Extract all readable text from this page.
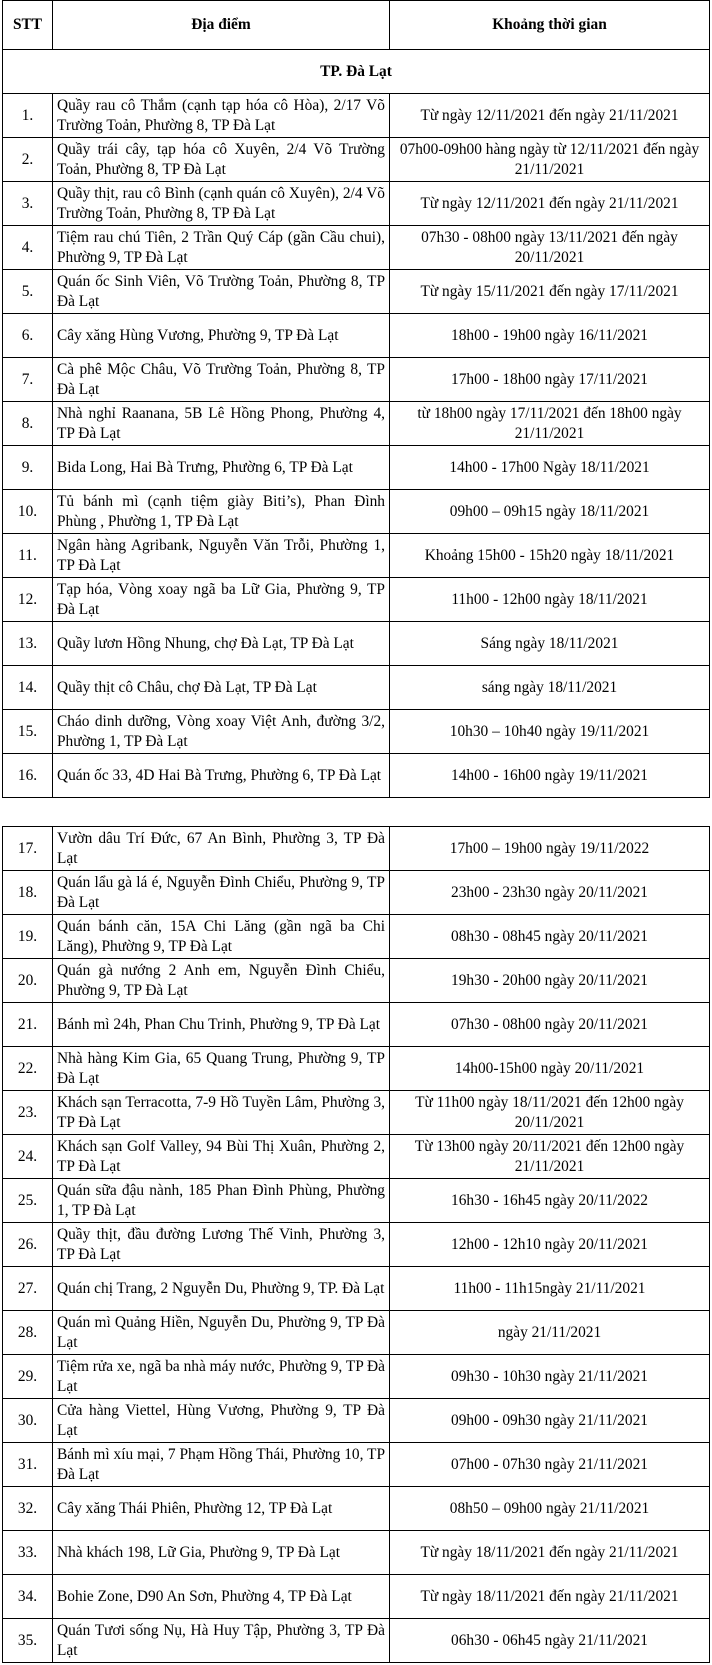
STT	Địa điểm	Khoảng thời gian
TP. Đà Lạt		
1.	Quầy rau cô Thắm (cạnh tạp hóa cô Hòa), 2/17 Võ Trường Toản, Phường 8, TP Đà Lạt	Từ ngày 12/11/2021 đến ngày 21/11/2021

2.	Quầy trái cây, tạp hóa cô Xuyên, 2/4 Võ Trường Toản, Phường 8, TP Đà Lạt	07h00-09h00 hàng ngày từ 12/11/2021 đến ngày 21/11/2021

3.	Quầy thịt, rau cô Bình (cạnh quán cô Xuyên), 2/4 Võ Trường Toản, Phường 8, TP Đà Lạt	Từ ngày 12/11/2021 đến ngày 21/11/2021

4.	Tiệm rau chú Tiên, 2 Trần Quý Cáp (gần Cầu chui), Phường 9, TP Đà Lạt	07h30 - 08h00 ngày 13/11/2021 đến ngày 20/11/2021

5.	Quán ốc Sinh Viên, Võ Trường Toản, Phường 8, TP Đà Lạt	Từ ngày 15/11/2021 đến ngày 17/11/2021

6.	Cây xăng Hùng Vương, Phường 9, TP Đà Lạt	18h00 - 19h00 ngày 16/11/2021

7.	Cà phê Mộc Châu, Võ Trường Toản, Phường 8, TP Đà Lạt	17h00 - 18h00 ngày 17/11/2021

8.	Nhà nghỉ Raanana, 5B Lê Hồng Phong, Phường 4, TP Đà Lạt	từ 18h00 ngày 17/11/2021 đến 18h00 ngày 21/11/2021

9.	Bida Long, Hai Bà Trưng, Phường 6, TP Đà Lạt	14h00 - 17h00 Ngày 18/11/2021

10.	Tủ bánh mì (cạnh tiệm giày Biti’s), Phan Đình Phùng , Phường 1, TP Đà Lạt	09h00 – 09h15 ngày 18/11/2021

11.	Ngân hàng Agribank, Nguyễn Văn Trỗi, Phường 1, TP Đà Lạt	Khoảng 15h00 - 15h20 ngày 18/11/2021

12.	Tạp hóa, Vòng xoay ngã ba Lữ Gia, Phường 9, TP Đà Lạt	11h00 - 12h00 ngày 18/11/2021

13.	Quầy lươn Hồng Nhung, chợ Đà Lạt, TP Đà Lạt	Sáng ngày 18/11/2021

14.	Quầy thịt cô Châu, chợ Đà Lạt, TP Đà Lạt	sáng ngày 18/11/2021

15.	Cháo dinh dưỡng, Vòng xoay Việt Anh, đường 3/2, Phường 1, TP Đà Lạt	10h30 – 10h40 ngày 19/11/2021

16.	Quán ốc 33, 4D Hai Bà Trưng, Phường 6, TP Đà Lạt	14h00 - 16h00 ngày 19/11/2021
17.	Vườn dâu Trí Đức, 67 An Bình, Phường 3, TP Đà Lạt	17h00 – 19h00 ngày 19/11/2022

18.	Quán lẩu gà lá é, Nguyễn Đình Chiểu, Phường 9, TP Đà Lạt	23h00 - 23h30 ngày 20/11/2021

19.	Quán bánh căn, 15A Chi Lăng (gần ngã ba Chi Lăng), Phường 9, TP Đà Lạt	08h30 - 08h45 ngày 20/11/2021

20.	Quán gà nướng 2 Anh em, Nguyễn Đình Chiểu, Phường 9, TP Đà Lạt	19h30 - 20h00 ngày 20/11/2021

21.	Bánh mì 24h, Phan Chu Trinh, Phường 9, TP Đà Lạt	07h30 - 08h00 ngày 20/11/2021

22.	Nhà hàng Kim Gia, 65 Quang Trung, Phường 9, TP Đà Lạt	14h00-15h00 ngày 20/11/2021

23.	Khách sạn Terracotta, 7-9 Hồ Tuyền Lâm, Phường 3, TP Đà Lạt	Từ 11h00 ngày 18/11/2021 đến 12h00 ngày 20/11/2021

24.	Khách sạn Golf Valley, 94 Bùi Thị Xuân, Phường 2, TP Đà Lạt	Từ 13h00 ngày 20/11/2021 đến 12h00 ngày 21/11/2021

25.	Quán sữa đậu nành, 185 Phan Đình Phùng, Phường 1, TP Đà Lạt	16h30 - 16h45 ngày 20/11/2022

26.	Quầy thịt, đầu đường Lương Thế Vinh, Phường 3, TP Đà Lạt	12h00 - 12h10 ngày 20/11/2021

27.	Quán chị Trang, 2 Nguyễn Du, Phường 9, TP. Đà Lạt	11h00 - 11h15ngày 21/11/2021

28.	Quán mì Quảng Hiền, Nguyễn Du, Phường 9, TP Đà Lạt	ngày 21/11/2021

29.	Tiệm rửa xe, ngã ba nhà máy nước, Phường 9, TP Đà Lạt	09h30 - 10h30 ngày 21/11/2021

30.	Cửa hàng Viettel, Hùng Vương, Phường 9, TP Đà Lạt	09h00 - 09h30 ngày 21/11/2021

31.	Bánh mì xíu mại, 7 Phạm Hồng Thái, Phường 10, TP Đà Lạt	07h00 - 07h30 ngày 21/11/2021

32.	Cây xăng Thái Phiên, Phường 12, TP Đà Lạt	08h50 – 09h00 ngày 21/11/2021

33.	Nhà khách 198, Lữ Gia, Phường 9, TP Đà Lạt	Từ ngày 18/11/2021 đến ngày 21/11/2021

34.	Bohie Zone, D90 An Sơn, Phường 4, TP Đà Lạt	Từ ngày 18/11/2021 đến ngày 21/11/2021

35.	Quán Tươi sống Nụ, Hà Huy Tập, Phường 3, TP Đà Lạt	06h30 - 06h45 ngày 21/11/2021
